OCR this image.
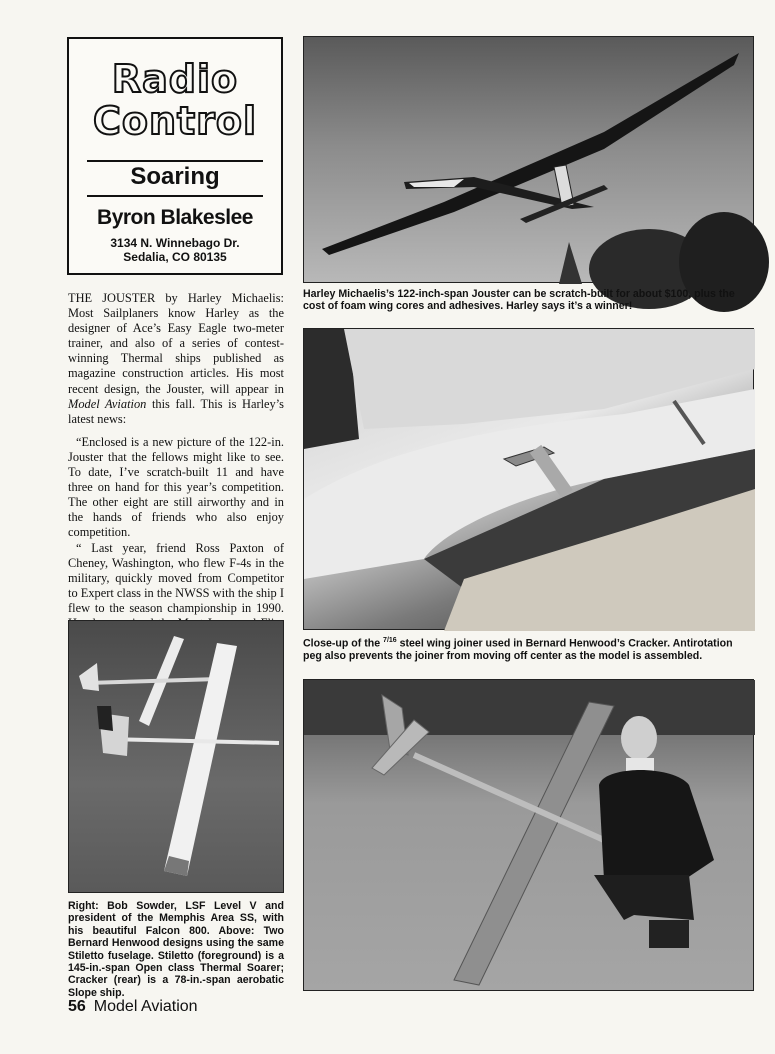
Radio
Control
Soaring
Byron Blakeslee
3134 N. Winnebago Dr.
Sedalia, CO 80135

THE JOUSTER by Harley Michaelis: Most Sailplaners know Harley as the designer of Ace’s Easy Eagle two-meter trainer, and also of a series of contest-winning Thermal ships published as magazine construction articles. His most recent design, the Jouster, will appear in Model Aviation this fall. This is Harley’s latest news:

“Enclosed is a new picture of the 122-in. Jouster that the fellows might like to see. To date, I’ve scratch-built 11 and have three on hand for this year’s competition. The other eight are still airworthy and in the hands of friends who also enjoy competition.

“ Last year, friend Ross Paxton of Cheney, Washington, who flew F-4s in the military, quickly moved from Competitor to Expert class in the NWSS with the ship I flew to the season championship in 1990.

Harley Michaelis’s 122-inch-span Jouster can be scratch-built for about $100, plus the cost of foam wing cores and adhesives. Harley says it’s a winner!
Close-up of the $^{7/16}$ steel wing joiner used in Bernard Henwood’s Cracker. Antirotation peg also prevents the joiner from moving off center as the model is assembled.
Right: Bob Sowder, LSF Level V and president of the Memphis Area SS, with his beautiful Falcon 800. Above: Two Bernard Henwood designs using the same Stiletto fuselage. Stiletto (foreground) is a 145-in.-span Open class Thermal Soarer; Cracker (rear) is a 78-in.-span aerobatic Slope ship.
56 Model Aviation
